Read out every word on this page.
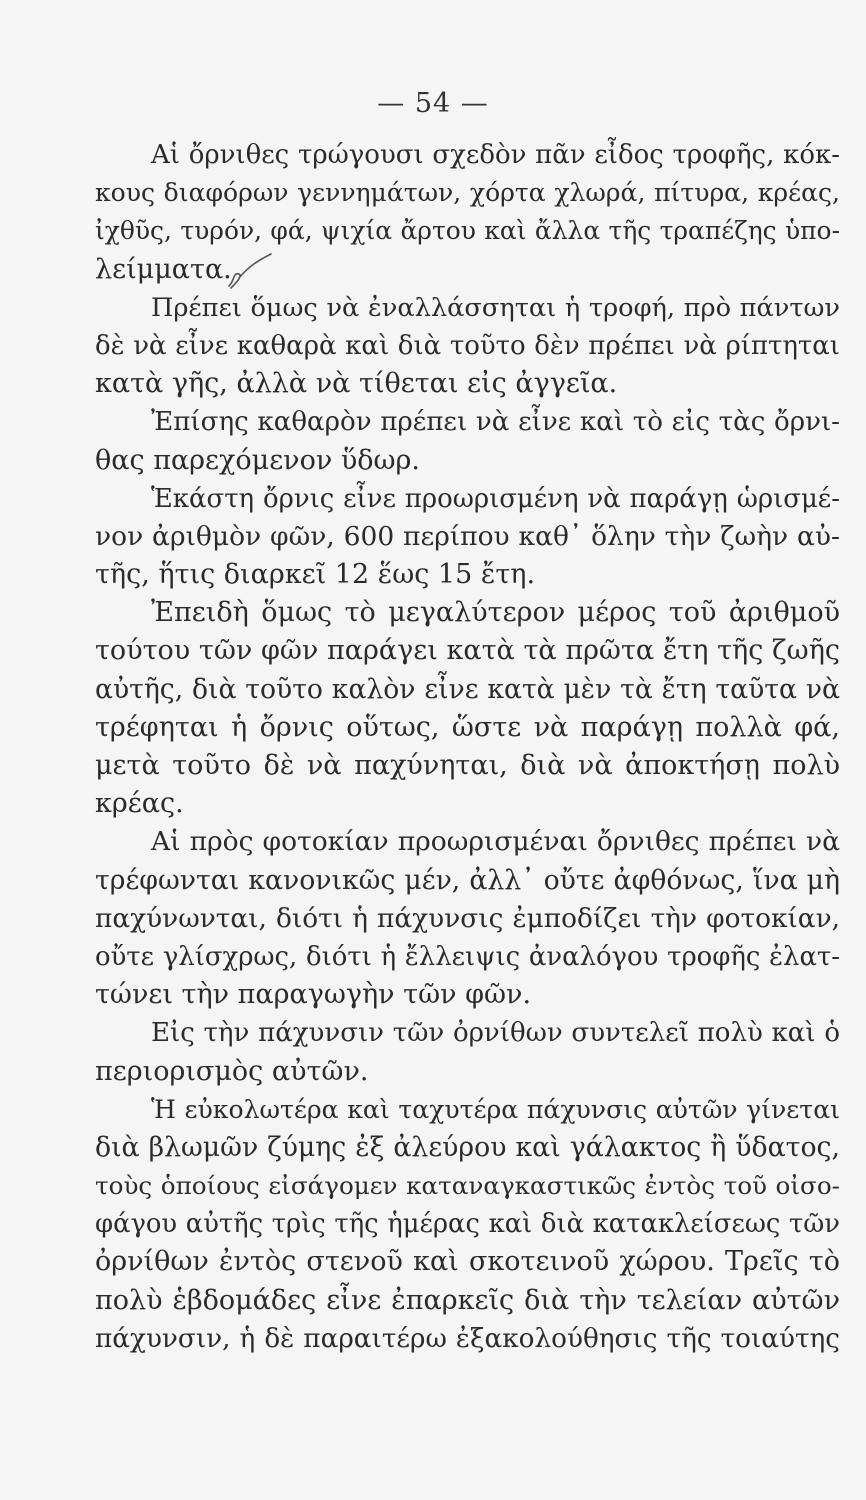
— 54 —
Αἱ ὄρνιθες τρώγουσι σχεδὸν πᾶν εἶδος τροφῆς, κόκ-
κους διαφόρων γεννημάτων, χόρτα χλωρά, πίτυρα, κρέας,
ἰχθῦς, τυρόν, φά, ψιχία ἄρτου καὶ ἄλλα τῆς τραπέζης ὑπο-
λείμματα.
Πρέπει ὅμως νὰ ἐναλλάσσηται ἡ τροφή, πρὸ πάντων
δὲ νὰ εἶνε καθαρὰ καὶ διὰ τοῦτο δὲν πρέπει νὰ ρίπτηται
κατὰ γῆς, ἀλλὰ νὰ τίθεται εἰς ἀγγεῖα.
Ἐπίσης καθαρὸν πρέπει νὰ εἶνε καὶ τὸ εἰς τὰς ὄρνι-
θας παρεχόμενον ὕδωρ.
Ἑκάστη ὄρνις εἶνε προωρισμένη νὰ παράγῃ ὡρισμέ-
νον ἀριθμὸν φῶν, 600 περίπου καθ᾽ ὅλην τὴν ζωὴν αὐ-
τῆς, ἥτις διαρκεῖ 12 ἕως 15 ἔτη.
Ἐπειδὴ ὅμως τὸ μεγαλύτερον μέρος τοῦ ἀριθμοῦ
τούτου τῶν φῶν παράγει κατὰ τὰ πρῶτα ἔτη τῆς ζωῆς
αὐτῆς, διὰ τοῦτο καλὸν εἶνε κατὰ μὲν τὰ ἔτη ταῦτα νὰ
τρέφηται ἡ ὄρνις οὕτως, ὥστε νὰ παράγῃ πολλὰ φά,
μετὰ τοῦτο δὲ νὰ παχύνηται, διὰ νὰ ἀποκτήσῃ πολὺ
κρέας.
Αἱ πρὸς φοτοκίαν προωρισμέναι ὄρνιθες πρέπει νὰ
τρέφωνται κανονικῶς μέν, ἀλλ᾽ οὔτε ἀφθόνως, ἵνα μὴ
παχύνωνται, διότι ἡ πάχυνσις ἐμποδίζει τὴν φοτοκίαν,
οὔτε γλίσχρως, διότι ἡ ἔλλειψις ἀναλόγου τροφῆς ἐλατ-
τώνει τὴν παραγωγὴν τῶν φῶν.
Εἰς τὴν πάχυνσιν τῶν ὀρνίθων συντελεῖ πολὺ καὶ ὁ
περιορισμὸς αὐτῶν.
Ἡ εὐκολωτέρα καὶ ταχυτέρα πάχυνσις αὐτῶν γίνεται
διὰ βλωμῶν ζύμης ἐξ ἀλεύρου καὶ γάλακτος ἢ ὕδατος,
τοὺς ὁποίους εἰσάγομεν καταναγκαστικῶς ἐντὸς τοῦ οἰσο-
φάγου αὐτῆς τρὶς τῆς ἡμέρας καὶ διὰ κατακλείσεως τῶν
ὀρνίθων ἐντὸς στενοῦ καὶ σκοτεινοῦ χώρου. Τρεῖς τὸ
πολὺ ἑβδομάδες εἶνε ἐπαρκεῖς διὰ τὴν τελείαν αὐτῶν
πάχυνσιν, ἡ δὲ παραιτέρω ἐξακολούθησις τῆς τοιαύτης
